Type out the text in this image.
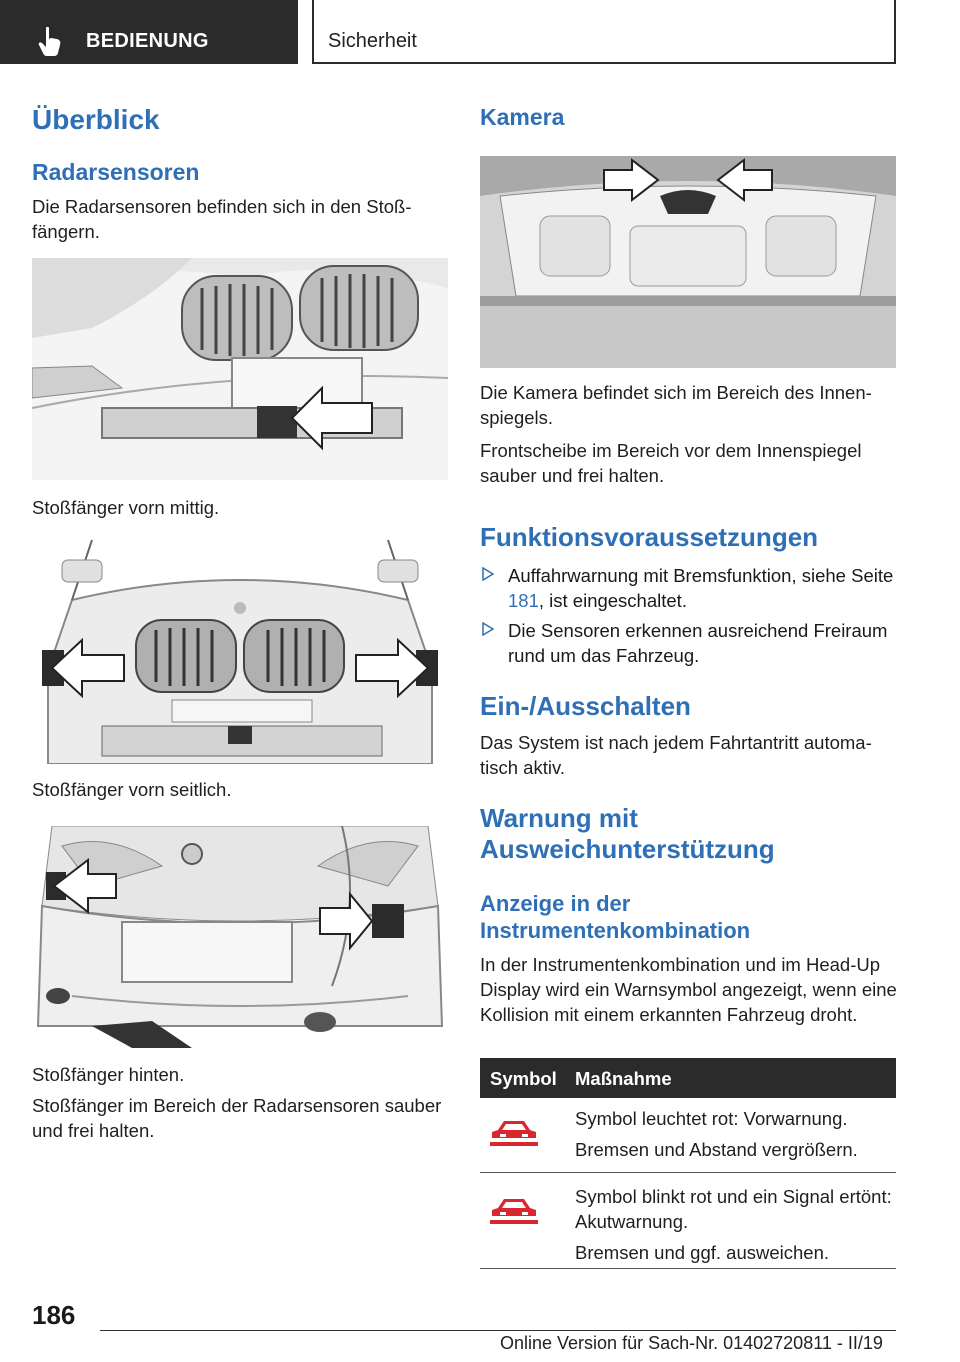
BEDIENUNG	Sicherheit
Überblick
Radarsensoren
Die Radarsensoren befinden sich in den Stoßfängern.
Stoßfänger vorn mittig.
Stoßfänger vorn seitlich.
Stoßfänger hinten.
Stoßfänger im Bereich der Radarsensoren sauber und frei halten.
Kamera
Die Kamera befindet sich im Bereich des Innenspiegels.
Frontscheibe im Bereich vor dem Innenspiegel sauber und frei halten.
Funktionsvoraussetzungen
Auffahrwarnung mit Bremsfunktion, siehe Seite 181, ist eingeschaltet.
Die Sensoren erkennen ausreichend Freiraum rund um das Fahrzeug.
Ein-/Ausschalten
Das System ist nach jedem Fahrtantritt automatisch aktiv.
Warnung mit
Ausweichunterstützung
Anzeige in der
Instrumentenkombination
In der Instrumentenkombination und im Head-Up Display wird ein Warnsymbol angezeigt, wenn eine Kollision mit einem erkannten Fahrzeug droht.
Symbol Maßnahme
Symbol leuchtet rot: Vorwarnung.
Bremsen und Abstand vergrößern.
Symbol blinkt rot und ein Signal ertönt: Akutwarnung.
Bremsen und ggf. ausweichen.
186
Online Version für Sach-Nr. 01402720811 - II/19
